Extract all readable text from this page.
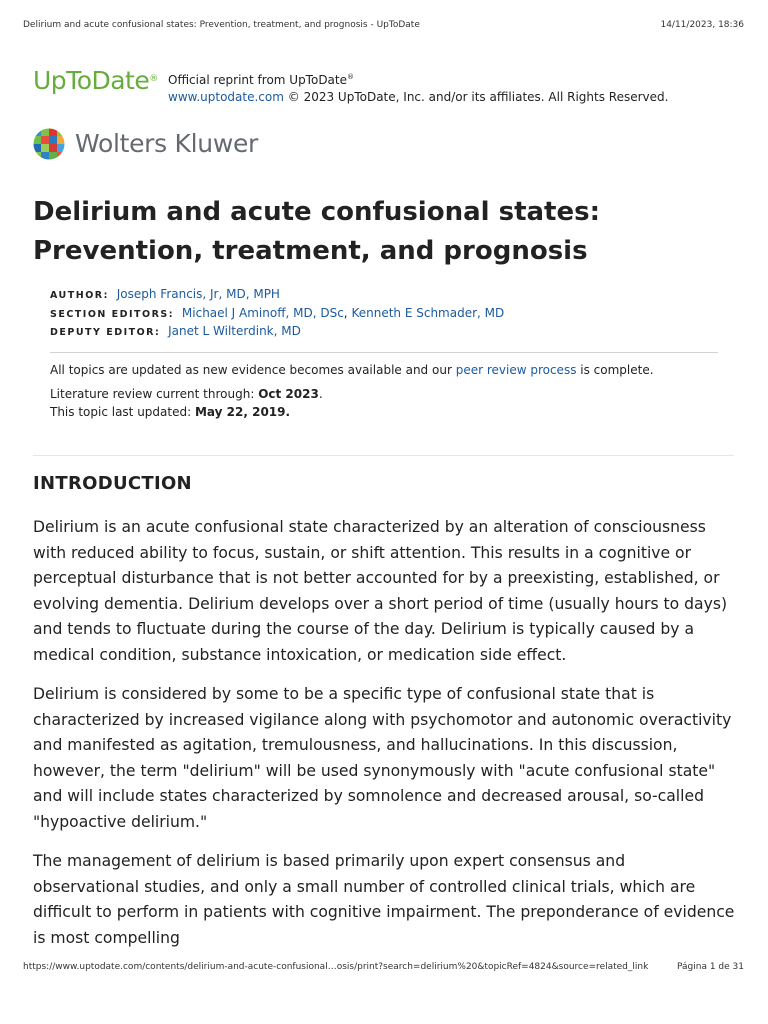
Delirium and acute confusional states: Prevention, treatment, and prognosis - UpToDate	14/11/2023, 18:36
UpToDate® Official reprint from UpToDate®
www.uptodate.com © 2023 UpToDate, Inc. and/or its affiliates. All Rights Reserved.
Wolters Kluwer
Delirium and acute confusional states: Prevention, treatment, and prognosis
AUTHOR: Joseph Francis, Jr, MD, MPH
SECTION EDITORS: Michael J Aminoff, MD, DSc, Kenneth E Schmader, MD
DEPUTY EDITOR: Janet L Wilterdink, MD
All topics are updated as new evidence becomes available and our peer review process is complete.
Literature review current through: Oct 2023.
This topic last updated: May 22, 2019.
INTRODUCTION

Delirium is an acute confusional state characterized by an alteration of consciousness with reduced ability to focus, sustain, or shift attention. This results in a cognitive or perceptual disturbance that is not better accounted for by a preexisting, established, or evolving dementia. Delirium develops over a short period of time (usually hours to days) and tends to fluctuate during the course of the day. Delirium is typically caused by a medical condition, substance intoxication, or medication side effect.

Delirium is considered by some to be a specific type of confusional state that is characterized by increased vigilance along with psychomotor and autonomic overactivity and manifested as agitation, tremulousness, and hallucinations. In this discussion, however, the term "delirium" will be used synonymously with "acute confusional state" and will include states characterized by somnolence and decreased arousal, so-called "hypoactive delirium."

The management of delirium is based primarily upon expert consensus and observational studies, and only a small number of controlled clinical trials, which are difficult to perform in patients with cognitive impairment. The preponderance of evidence is most compelling

https://www.uptodate.com/contents/delirium-and-acute-confusional…osis/print?search=delirium%20&topicRef=4824&source=related_link	Página 1 de 31
